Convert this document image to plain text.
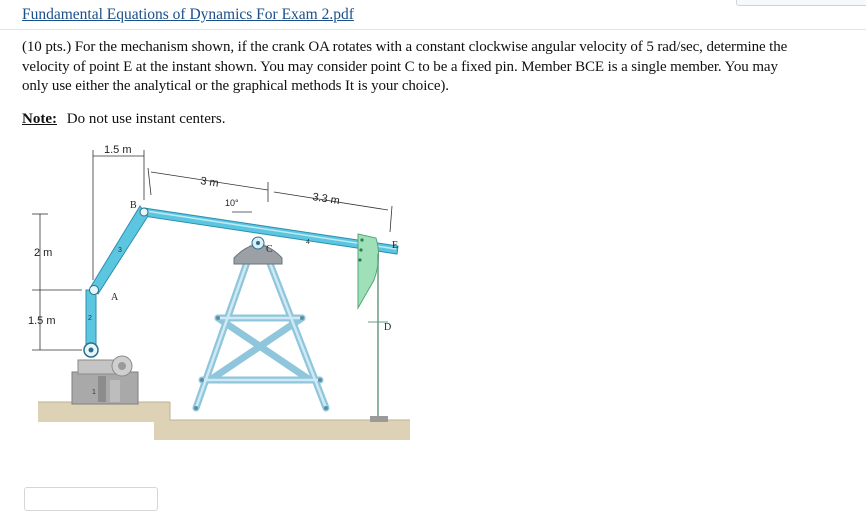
Fundamental Equations of Dynamics For Exam 2.pdf
(10 pts.) For the mechanism shown, if the crank OA rotates with a constant clockwise angular velocity of 5 rad/sec, determine the
velocity of point E at the instant shown. You may consider point C to be a fixed pin. Member BCE is a single member. You may
only use either the analytical or the graphical methods It is your choice).
Note: Do not use instant centers.
1.5 m
3 m
3.3 m
10°
2 m
1.5 m
B
A
C
D
E
1
2
3
4
